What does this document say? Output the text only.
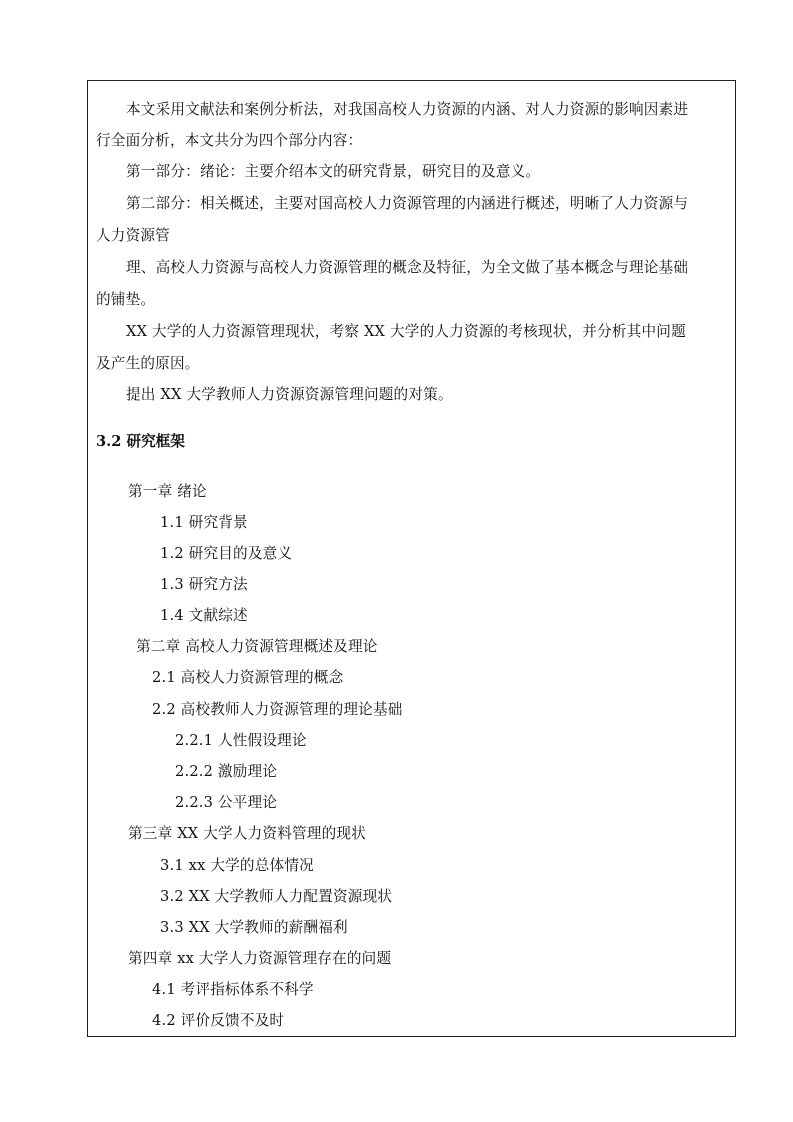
本文采用文献法和案例分析法，对我国高校人力资源的内涵、对人力资源的影响因素进
行全面分析，本文共分为四个部分内容：
第一部分：绪论：主要介绍本文的研究背景，研究目的及意义。
第二部分：相关概述，主要对国高校人力资源管理的内涵进行概述，明晰了人力资源与
人力资源管
理、高校人力资源与高校人力资源管理的概念及特征，为全文做了基本概念与理论基础
的铺垫。
XX 大学的人力资源管理现状，考察 XX 大学的人力资源的考核现状，并分析其中问题
及产生的原因。
提出 XX 大学教师人力资源资源管理问题的对策。
3.2 研究框架
第一章 绪论
1.1 研究背景
1.2 研究目的及意义
1.3 研究方法
1.4 文献综述
第二章 高校人力资源管理概述及理论
2.1 高校人力资源管理的概念
2.2 高校教师人力资源管理的理论基础
2.2.1 人性假设理论
2.2.2 激励理论
2.2.3 公平理论
第三章 XX 大学人力资料管理的现状
3.1 xx 大学的总体情况
3.2 XX 大学教师人力配置资源现状
3.3 XX 大学教师的薪酬福利
第四章 xx 大学人力资源管理存在的问题
4.1 考评指标体系不科学
4.2 评价反馈不及时
